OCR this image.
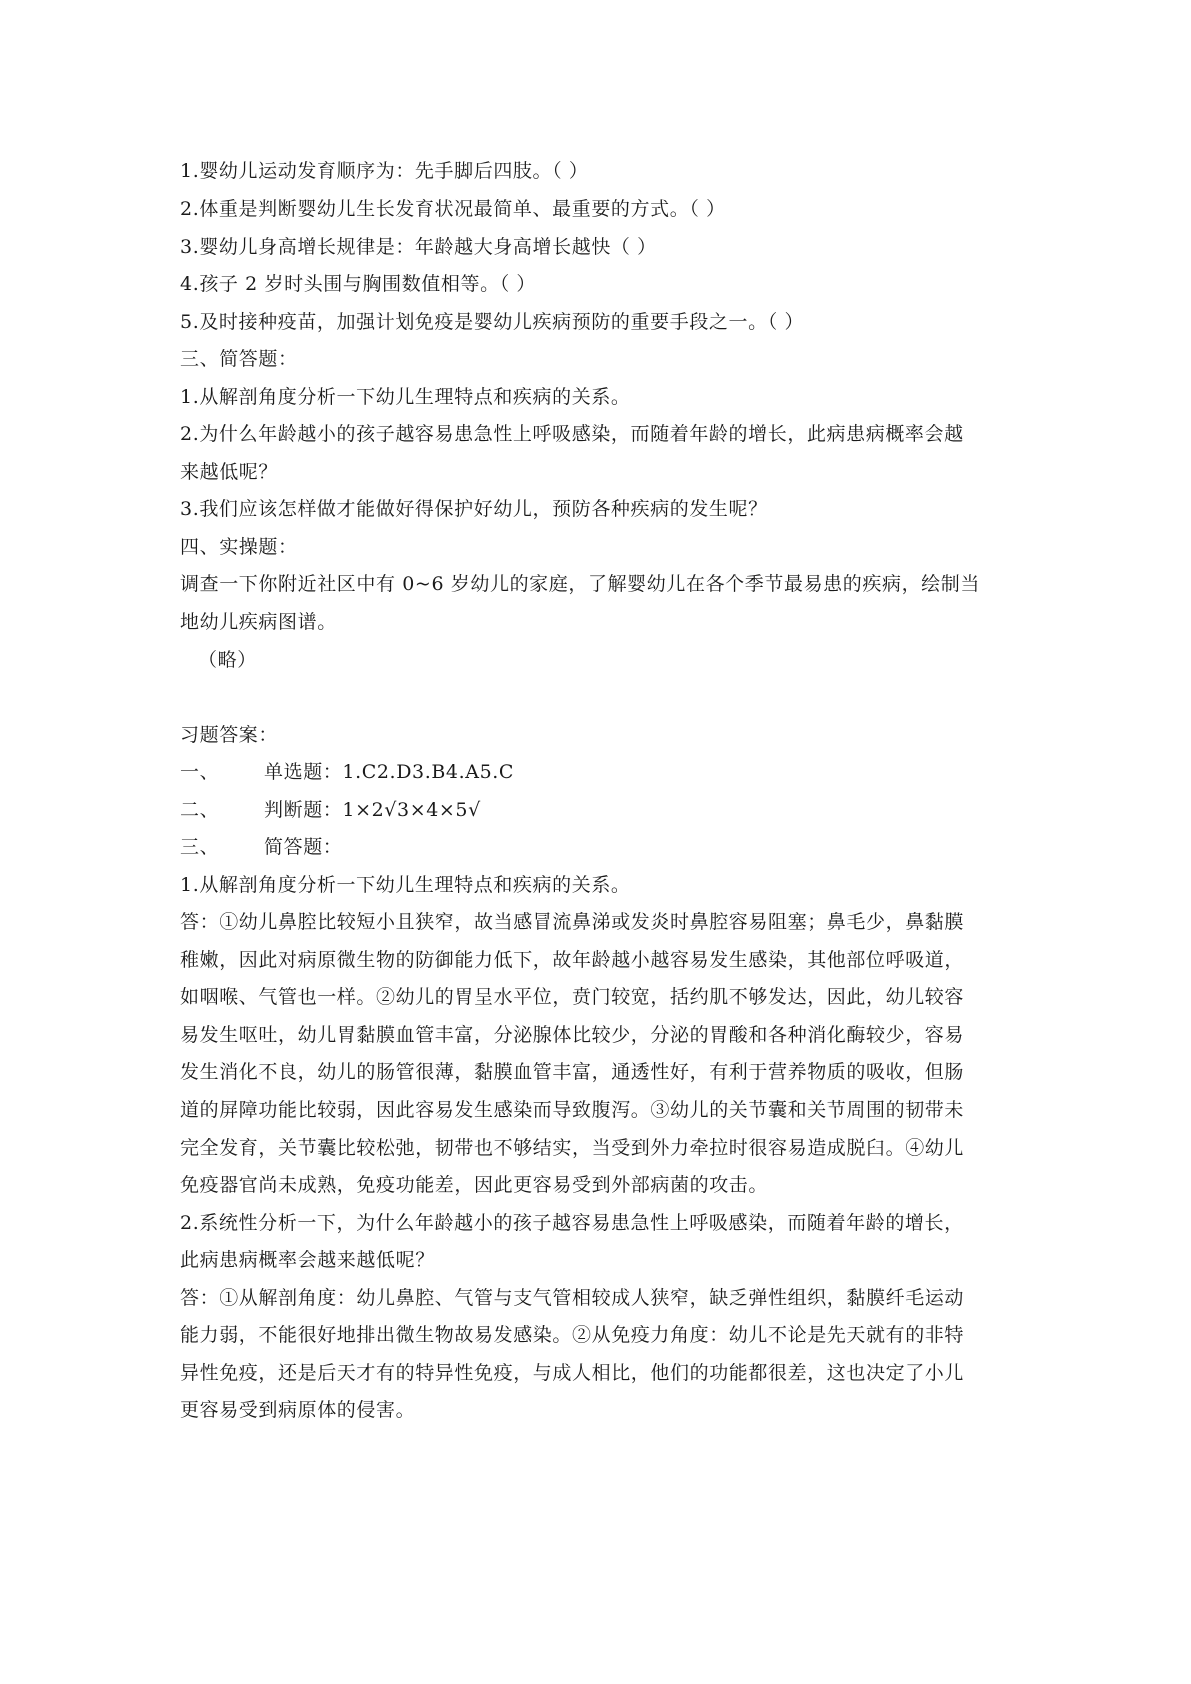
1.婴幼儿运动发育顺序为：先手脚后四肢。（ ）
2.体重是判断婴幼儿生长发育状况最简单、最重要的方式。（ ）
3.婴幼儿身高增长规律是：年龄越大身高增长越快（ ）
4.孩子 2 岁时头围与胸围数值相等。（ ）
5.及时接种疫苗，加强计划免疫是婴幼儿疾病预防的重要手段之一。（ ）
三、简答题：
1.从解剖角度分析一下幼儿生理特点和疾病的关系。
2.为什么年龄越小的孩子越容易患急性上呼吸感染，而随着年龄的增长，此病患病概率会越
来越低呢？
3.我们应该怎样做才能做好得保护好幼儿，预防各种疾病的发生呢？
四、实操题：
调查一下你附近社区中有 0~6 岁幼儿的家庭，了解婴幼儿在各个季节最易患的疾病，绘制当
地幼儿疾病图谱。
（略）
习题答案：
一、 单选题：1.C2.D3.B4.A5.C
二、 判断题：1×2√3×4×5√
三、 简答题：
1.从解剖角度分析一下幼儿生理特点和疾病的关系。
答：①幼儿鼻腔比较短小且狭窄，故当感冒流鼻涕或发炎时鼻腔容易阻塞；鼻毛少，鼻黏膜
稚嫩，因此对病原微生物的防御能力低下，故年龄越小越容易发生感染，其他部位呼吸道，
如咽喉、气管也一样。②幼儿的胃呈水平位，贲门较宽，括约肌不够发达，因此，幼儿较容
易发生呕吐，幼儿胃黏膜血管丰富，分泌腺体比较少，分泌的胃酸和各种消化酶较少，容易
发生消化不良，幼儿的肠管很薄，黏膜血管丰富，通透性好，有利于营养物质的吸收，但肠
道的屏障功能比较弱，因此容易发生感染而导致腹泻。③幼儿的关节囊和关节周围的韧带未
完全发育，关节囊比较松弛，韧带也不够结实，当受到外力牵拉时很容易造成脱臼。④幼儿
免疫器官尚未成熟，免疫功能差，因此更容易受到外部病菌的攻击。
2.系统性分析一下，为什么年龄越小的孩子越容易患急性上呼吸感染，而随着年龄的增长，
此病患病概率会越来越低呢？
答：①从解剖角度：幼儿鼻腔、气管与支气管相较成人狭窄，缺乏弹性组织，黏膜纤毛运动
能力弱，不能很好地排出微生物故易发感染。②从免疫力角度：幼儿不论是先天就有的非特
异性免疫，还是后天才有的特异性免疫，与成人相比，他们的功能都很差，这也决定了小儿
更容易受到病原体的侵害。
